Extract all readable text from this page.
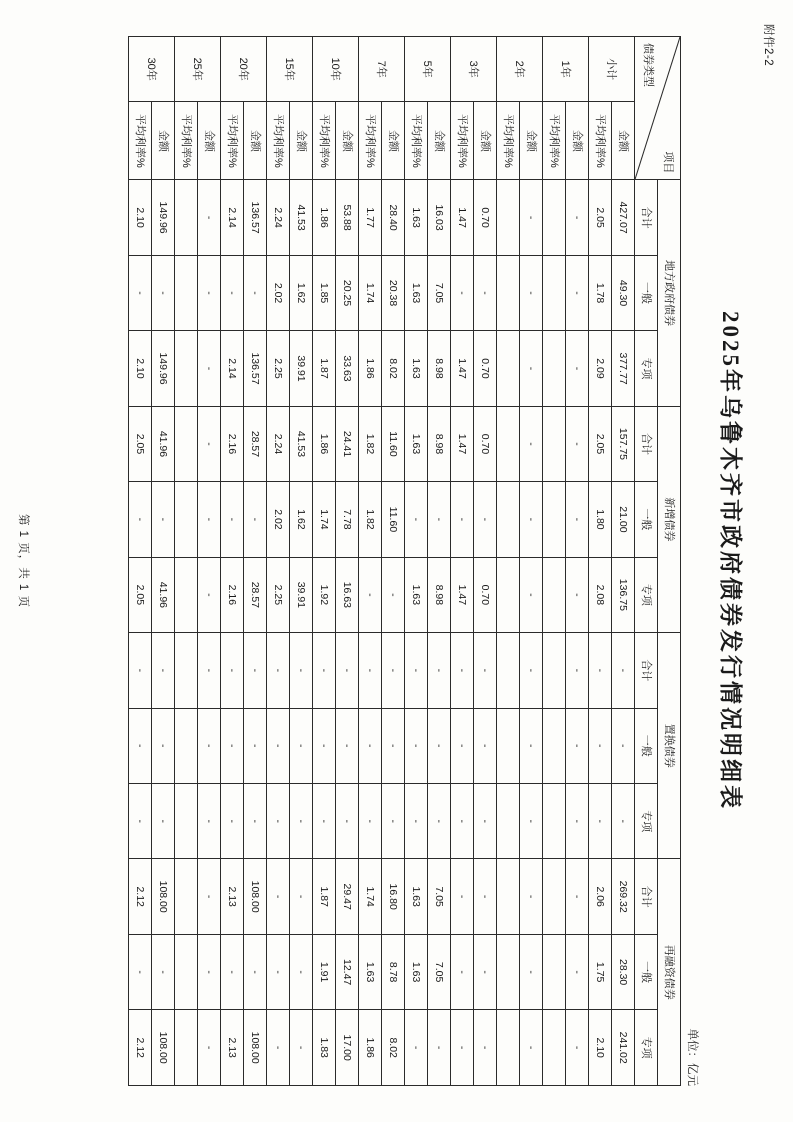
附件2-2
2025年乌鲁木齐市政府债券发行情况明细表
单位：亿元
项目
债券类型		地方政府债券			新增债券			置换债券			再融资债券		
		合计	一般	专项	合计	一般	专项	合计	一般	专项	合计	一般	专项
小计	金额	427.07	49.30	377.77	157.75	21.00	136.75	-	-	-	269.32	28.30	241.02
	平均利率%	2.05	1.78	2.09	2.05	1.80	2.08	-	-	-	2.06	1.75	2.10
1年	金额	-	-	-	-	-	-	-	-	-	-	-	-
	平均利率%												
2年	金额	-	-	-	-	-	-	-	-	-	-	-	-
	平均利率%												
3年	金额	0.70	-	0.70	0.70	-	0.70	-	-	-	-	-	-
	平均利率%	1.47	-	1.47	1.47	-	1.47	-	-	-	-	-	-
5年	金额	16.03	7.05	8.98	8.98	-	8.98	-	-	-	7.05	7.05	-
	平均利率%	1.63	1.63	1.63	1.63	-	1.63	-	-	-	1.63	1.63	-
7年	金额	28.40	20.38	8.02	11.60	11.60	-	-	-	-	16.80	8.78	8.02
	平均利率%	1.77	1.74	1.86	1.82	1.82	-	-	-	-	1.74	1.63	1.86
10年	金额	53.88	20.25	33.63	24.41	7.78	16.63	-	-	-	29.47	12.47	17.00
	平均利率%	1.86	1.85	1.87	1.86	1.74	1.92	-	-	-	1.87	1.91	1.83
15年	金额	41.53	1.62	39.91	41.53	1.62	39.91	-	-	-	-	-	-
	平均利率%	2.24	2.02	2.25	2.24	2.02	2.25	-	-	-	-	-	-
20年	金额	136.57	-	136.57	28.57	-	28.57	-	-	-	108.00	-	108.00
	平均利率%	2.14	-	2.14	2.16	-	2.16	-	-	-	2.13	-	2.13
25年	金额	-	-	-	-	-	-	-	-	-	-	-	-
	平均利率%												
30年	金额	149.96	-	149.96	41.96	-	41.96	-	-	-	108.00	-	108.00
	平均利率%	2.10	-	2.10	2.05	-	2.05	-	-	-	2.12	-	2.12
第 1 页，共 1 页
